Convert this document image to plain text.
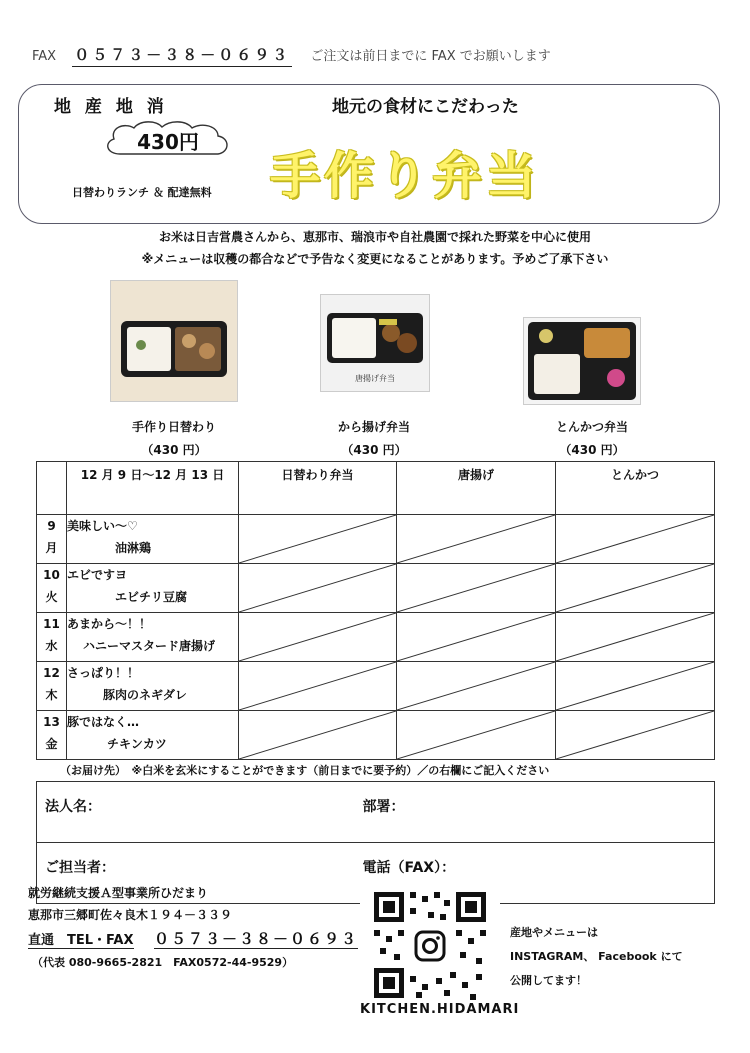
FAX ０５７３－３８－０６９３ ご注文は前日までに FAX でお願いします
地 産 地 消
430円
日替わりランチ ＆ 配達無料
地元の食材にこだわった
手作り弁当
お米は日吉営農さんから、恵那市、瑞浪市や自社農園で採れた野菜を中心に使用
※メニューは収穫の都合などで予告なく変更になることがあります。予めご了承下さい
唐揚げ弁当
手作り日替わり
（430 円）
から揚げ弁当
（430 円）
とんかつ弁当
（430 円）
	12 月 9 日～12 月 13 日	日替わり弁当	唐揚げ	とんかつ
9
月	美味しい～♡
油淋鶏

10
火	エビですヨ
エビチリ豆腐

11
水	あまから～！！
ハニーマスタード唐揚げ

12
木	さっぱり！！
豚肉のネギダレ

13
金	豚ではなく…
チキンカツ

（お届け先）　※白米を玄米にすることができます（前日までに要予約）／の右欄にご記入ください
法人名：	部署：
ご担当者：	電話（FAX）：
就労継続支援Ａ型事業所ひだまり
恵那市三郷町佐々良木１９４－３３９
直通　TEL・FAX ０５７３－３８－０６９３
（代表 080-9665-2821　FAX0572-44-9529）
KITCHEN.HIDAMARI
産地やメニューは
INSTAGRAM、 Facebook にて
公開してます！
